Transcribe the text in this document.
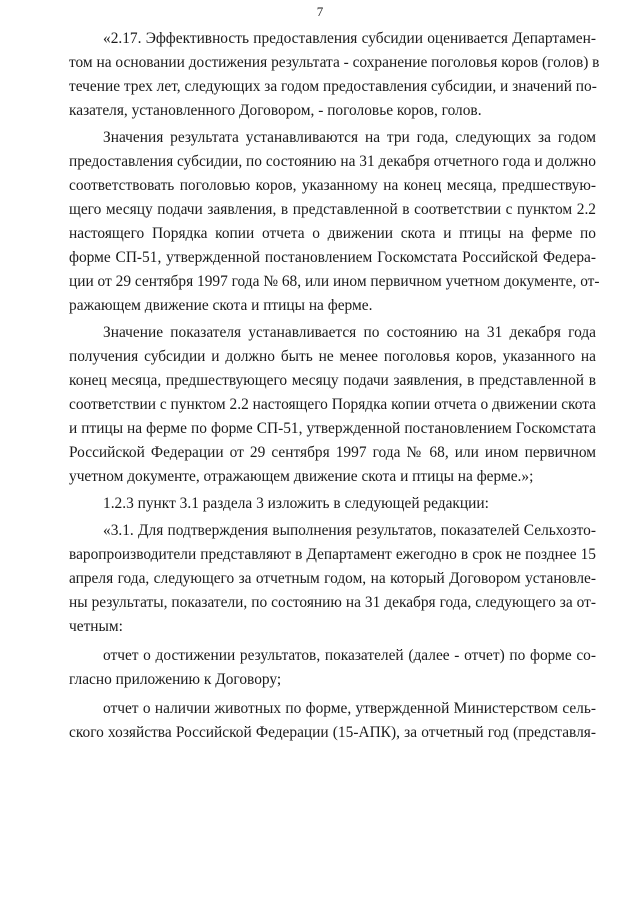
7
«2.17. Эффективность предоставления субсидии оценивается Департамен-
том на основании достижения результата - сохранение поголовья коров (голов) в
течение трех лет, следующих за годом предоставления субсидии, и значений по-
казателя, установленного Договором, - поголовье коров, голов.
Значения результата устанавливаются на три года, следующих за годом
предоставления субсидии, по состоянию на 31 декабря отчетного года и должно
соответствовать поголовью коров, указанному на конец месяца, предшествую-
щего месяцу подачи заявления, в представленной в соответствии с пунктом 2.2
настоящего Порядка копии отчета о движении скота и птицы на ферме по
форме СП-51, утвержденной постановлением Госкомстата Российской Федера-
ции от 29 сентября 1997 года № 68, или ином первичном учетном документе, от-
ражающем движение скота и птицы на ферме.
Значение показателя устанавливается по состоянию на 31 декабря года
получения субсидии и должно быть не менее поголовья коров, указанного на
конец месяца, предшествующего месяцу подачи заявления, в представленной в
соответствии с пунктом 2.2 настоящего Порядка копии отчета о движении скота
и птицы на ферме по форме СП-51, утвержденной постановлением Госкомстата
Российской Федерации от 29 сентября 1997 года № 68, или ином первичном
учетном документе, отражающем движение скота и птицы на ферме.»;
1.2.3 пункт 3.1 раздела 3 изложить в следующей редакции:
«3.1. Для подтверждения выполнения результатов, показателей Сельхозто-
варопроизводители представляют в Департамент ежегодно в срок не позднее 15
апреля года, следующего за отчетным годом, на который Договором установле-
ны результаты, показатели, по состоянию на 31 декабря года, следующего за от-
четным:
отчет о достижении результатов, показателей (далее - отчет) по форме со-
гласно приложению к Договору;
отчет о наличии животных по форме, утвержденной Министерством сель-
ского хозяйства Российской Федерации (15-АПК), за отчетный год (представля-
